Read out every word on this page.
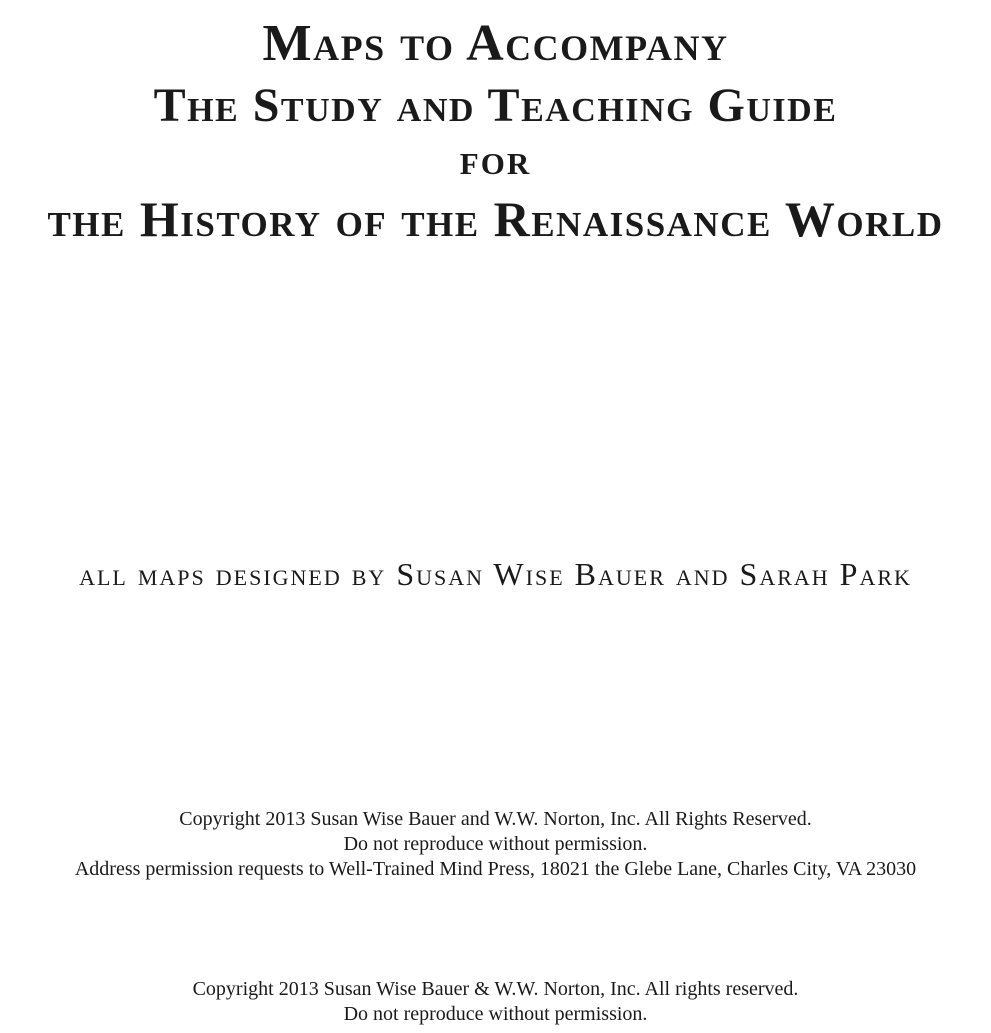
Maps to Accompany
The Study and Teaching Guide
for
the History of the Renaissance World
all maps designed by Susan Wise Bauer and Sarah Park
Copyright 2013 Susan Wise Bauer and W.W. Norton, Inc. All Rights Reserved.
Do not reproduce without permission.
Address permission requests to Well-Trained Mind Press, 18021 the Glebe Lane, Charles City, VA 23030
Copyright 2013 Susan Wise Bauer & W.W. Norton, Inc. All rights reserved.
Do not reproduce without permission.
